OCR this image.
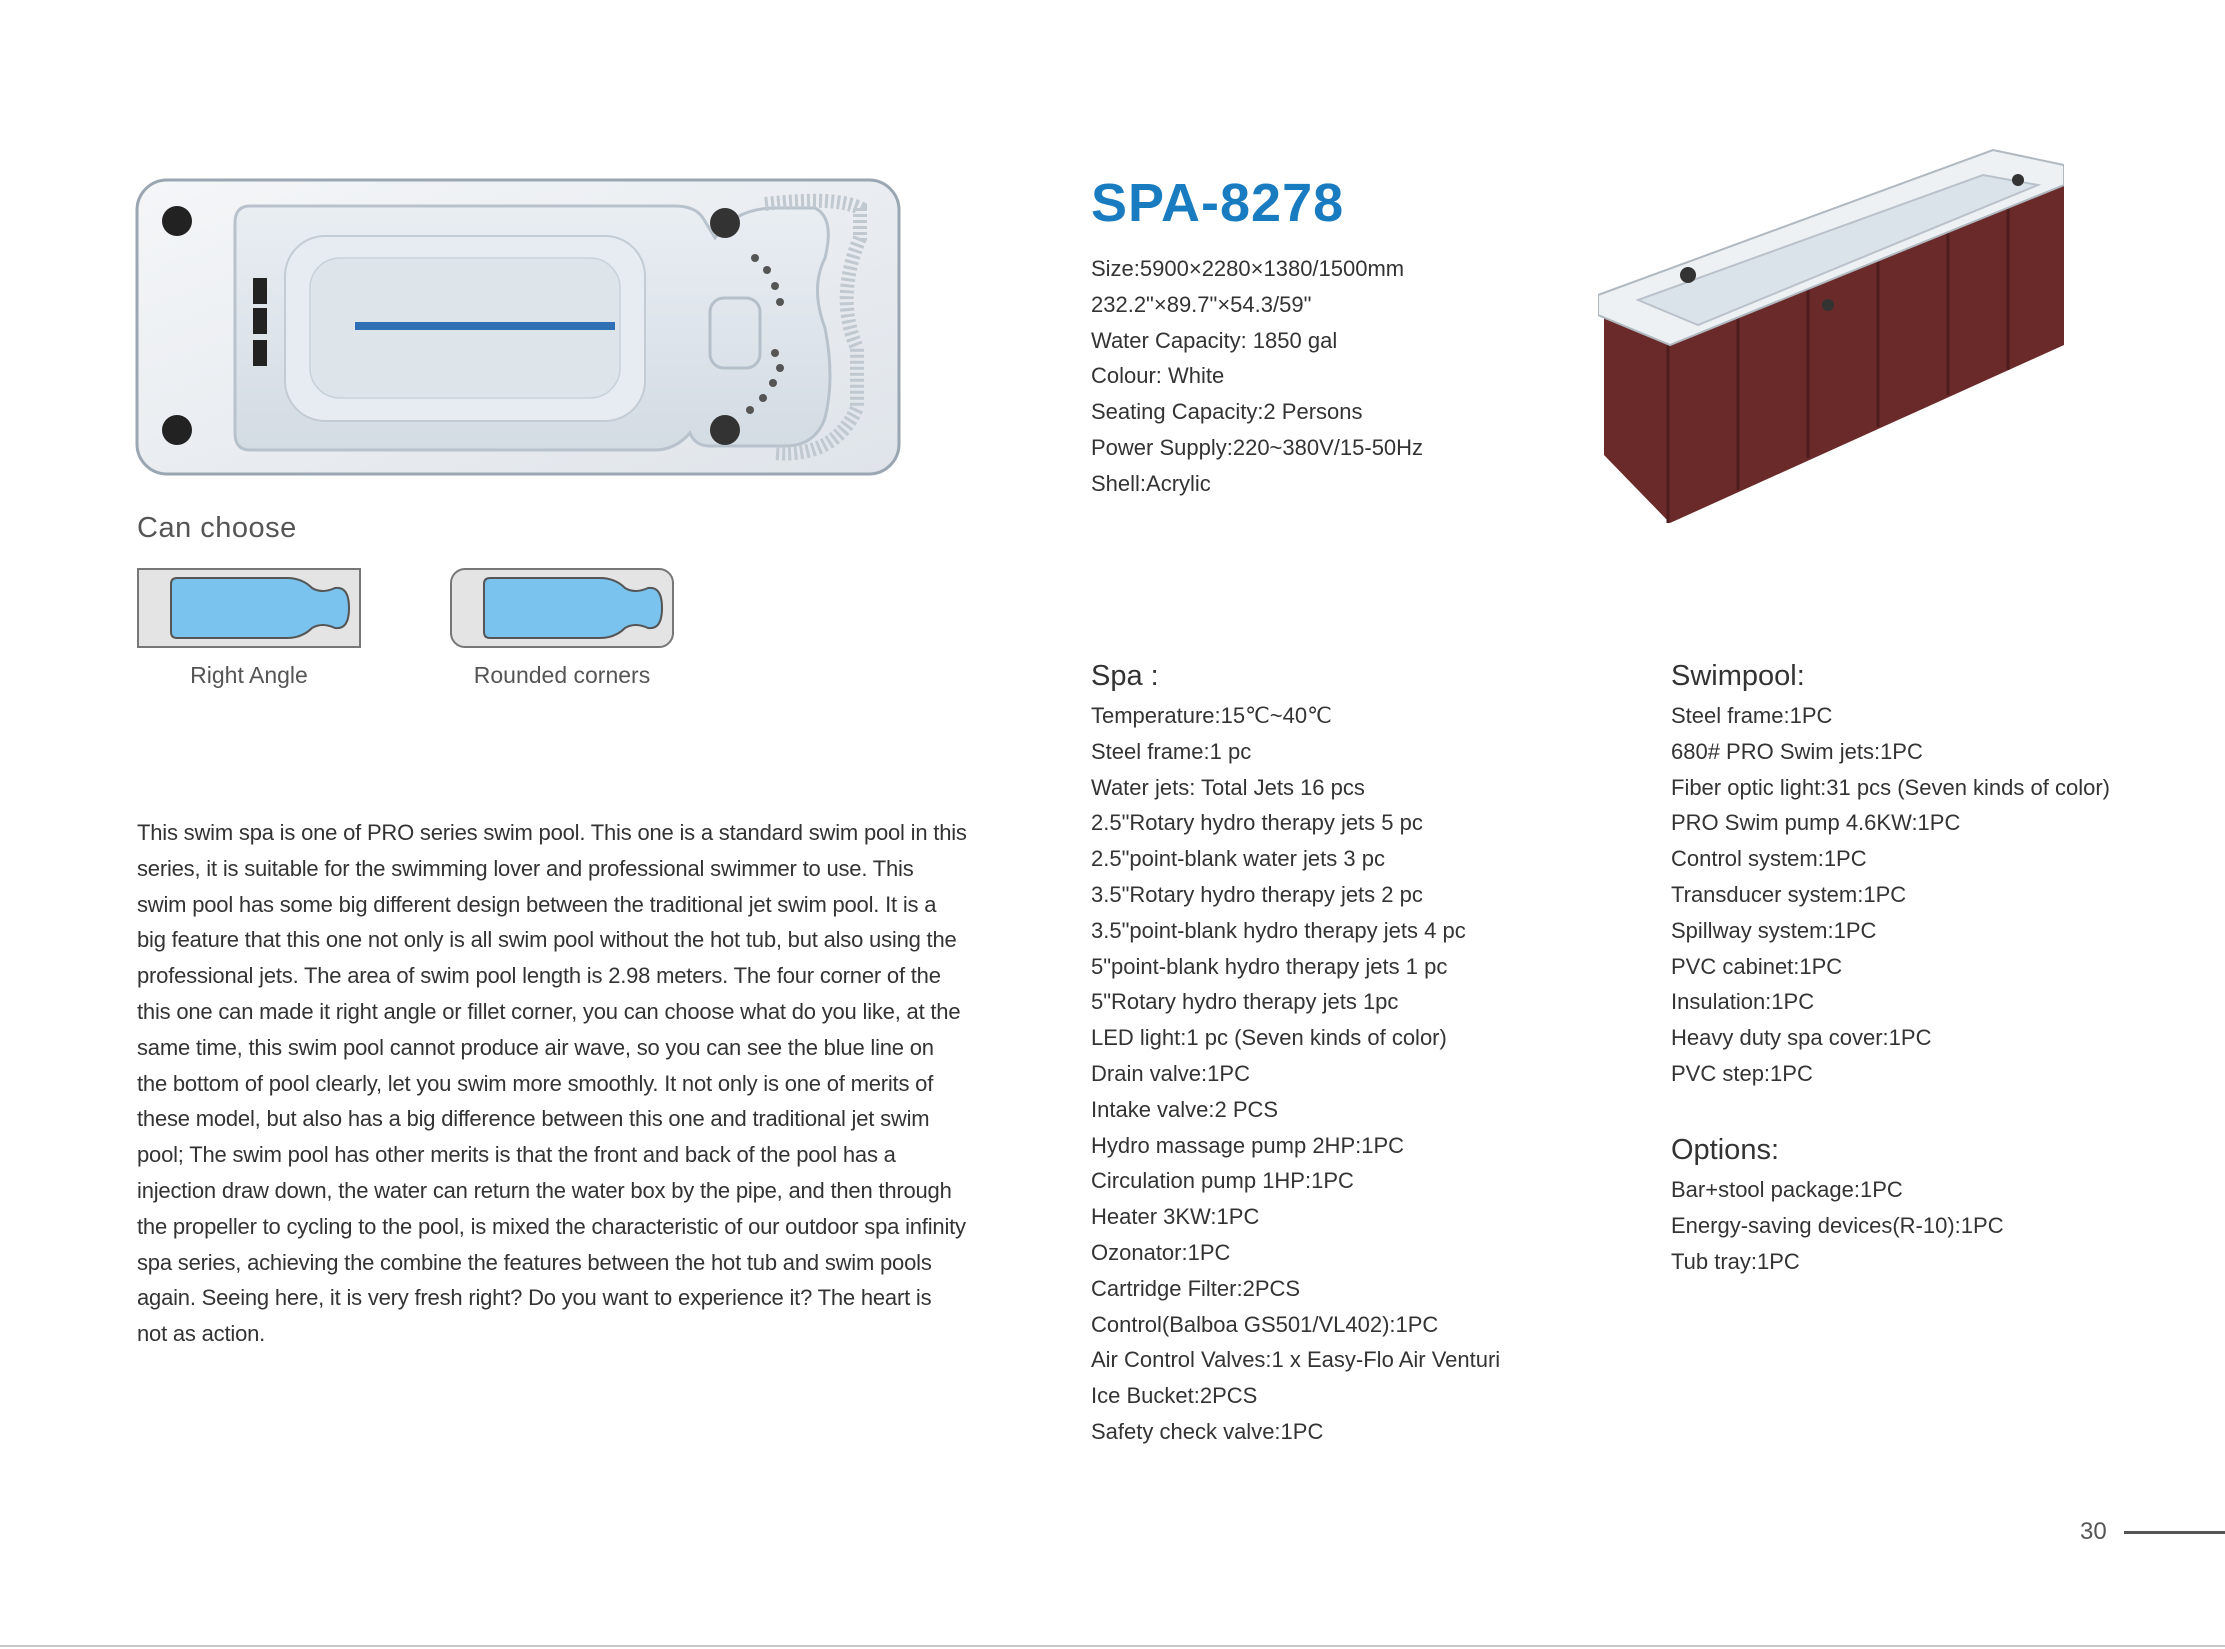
SPA-8278
Size:5900×2280×1380/1500mm
232.2"×89.7"×54.3/59"
Water Capacity: 1850 gal
Colour: White
Seating Capacity:2 Persons
Power Supply:220~380V/15-50Hz
Shell:Acrylic
Can choose
Right Angle	Rounded corners

This swim spa is one of PRO series swim pool. This one is a standard swim pool in this series, it is suitable for the swimming lover and professional swimmer to use. This swim pool has some big different design between the traditional jet swim pool. It is a big feature that this one not only is all swim pool without the hot tub, but also using the professional jets. The area of swim pool length is 2.98 meters. The four corner of the this one can made it right angle or fillet corner, you can choose what do you like, at the same time, this swim pool cannot produce air wave, so you can see the blue line on the bottom of pool clearly, let you swim more smoothly. It not only is one of merits of these model, but also has a big difference between this one and traditional jet swim pool; The swim pool has other merits is that the front and back of the pool has a injection draw down, the water can return the water box by the pipe, and then through the propeller to cycling to the pool, is mixed the characteristic of our outdoor spa infinity spa series, achieving the combine the features between the hot tub and swim pools again. Seeing here, it is very fresh right? Do you want to experience it? The heart is not as action.

Spa :
Temperature:15℃~40℃
Steel frame:1 pc
Water jets: Total Jets 16 pcs
2.5"Rotary hydro therapy jets 5 pc
2.5"point-blank water jets 3 pc
3.5"Rotary hydro therapy jets 2 pc
3.5"point-blank hydro therapy jets 4 pc
5"point-blank hydro therapy jets 1 pc
5"Rotary hydro therapy jets 1pc
LED light:1 pc (Seven kinds of color)
Drain valve:1PC
Intake valve:2 PCS
Hydro massage pump 2HP:1PC
Circulation pump 1HP:1PC
Heater 3KW:1PC
Ozonator:1PC
Cartridge Filter:2PCS
Control(Balboa GS501/VL402):1PC
Air Control Valves:1 x Easy-Flo Air Venturi
Ice Bucket:2PCS
Safety check valve:1PC
Swimpool:
Steel frame:1PC
680# PRO Swim jets:1PC
Fiber optic light:31 pcs (Seven kinds of color)
PRO Swim pump 4.6KW:1PC
Control system:1PC
Transducer system:1PC
Spillway system:1PC
PVC cabinet:1PC
Insulation:1PC
Heavy duty spa cover:1PC
PVC step:1PC
Options:
Bar+stool package:1PC
Energy-saving devices(R-10):1PC
Tub tray:1PC
30
